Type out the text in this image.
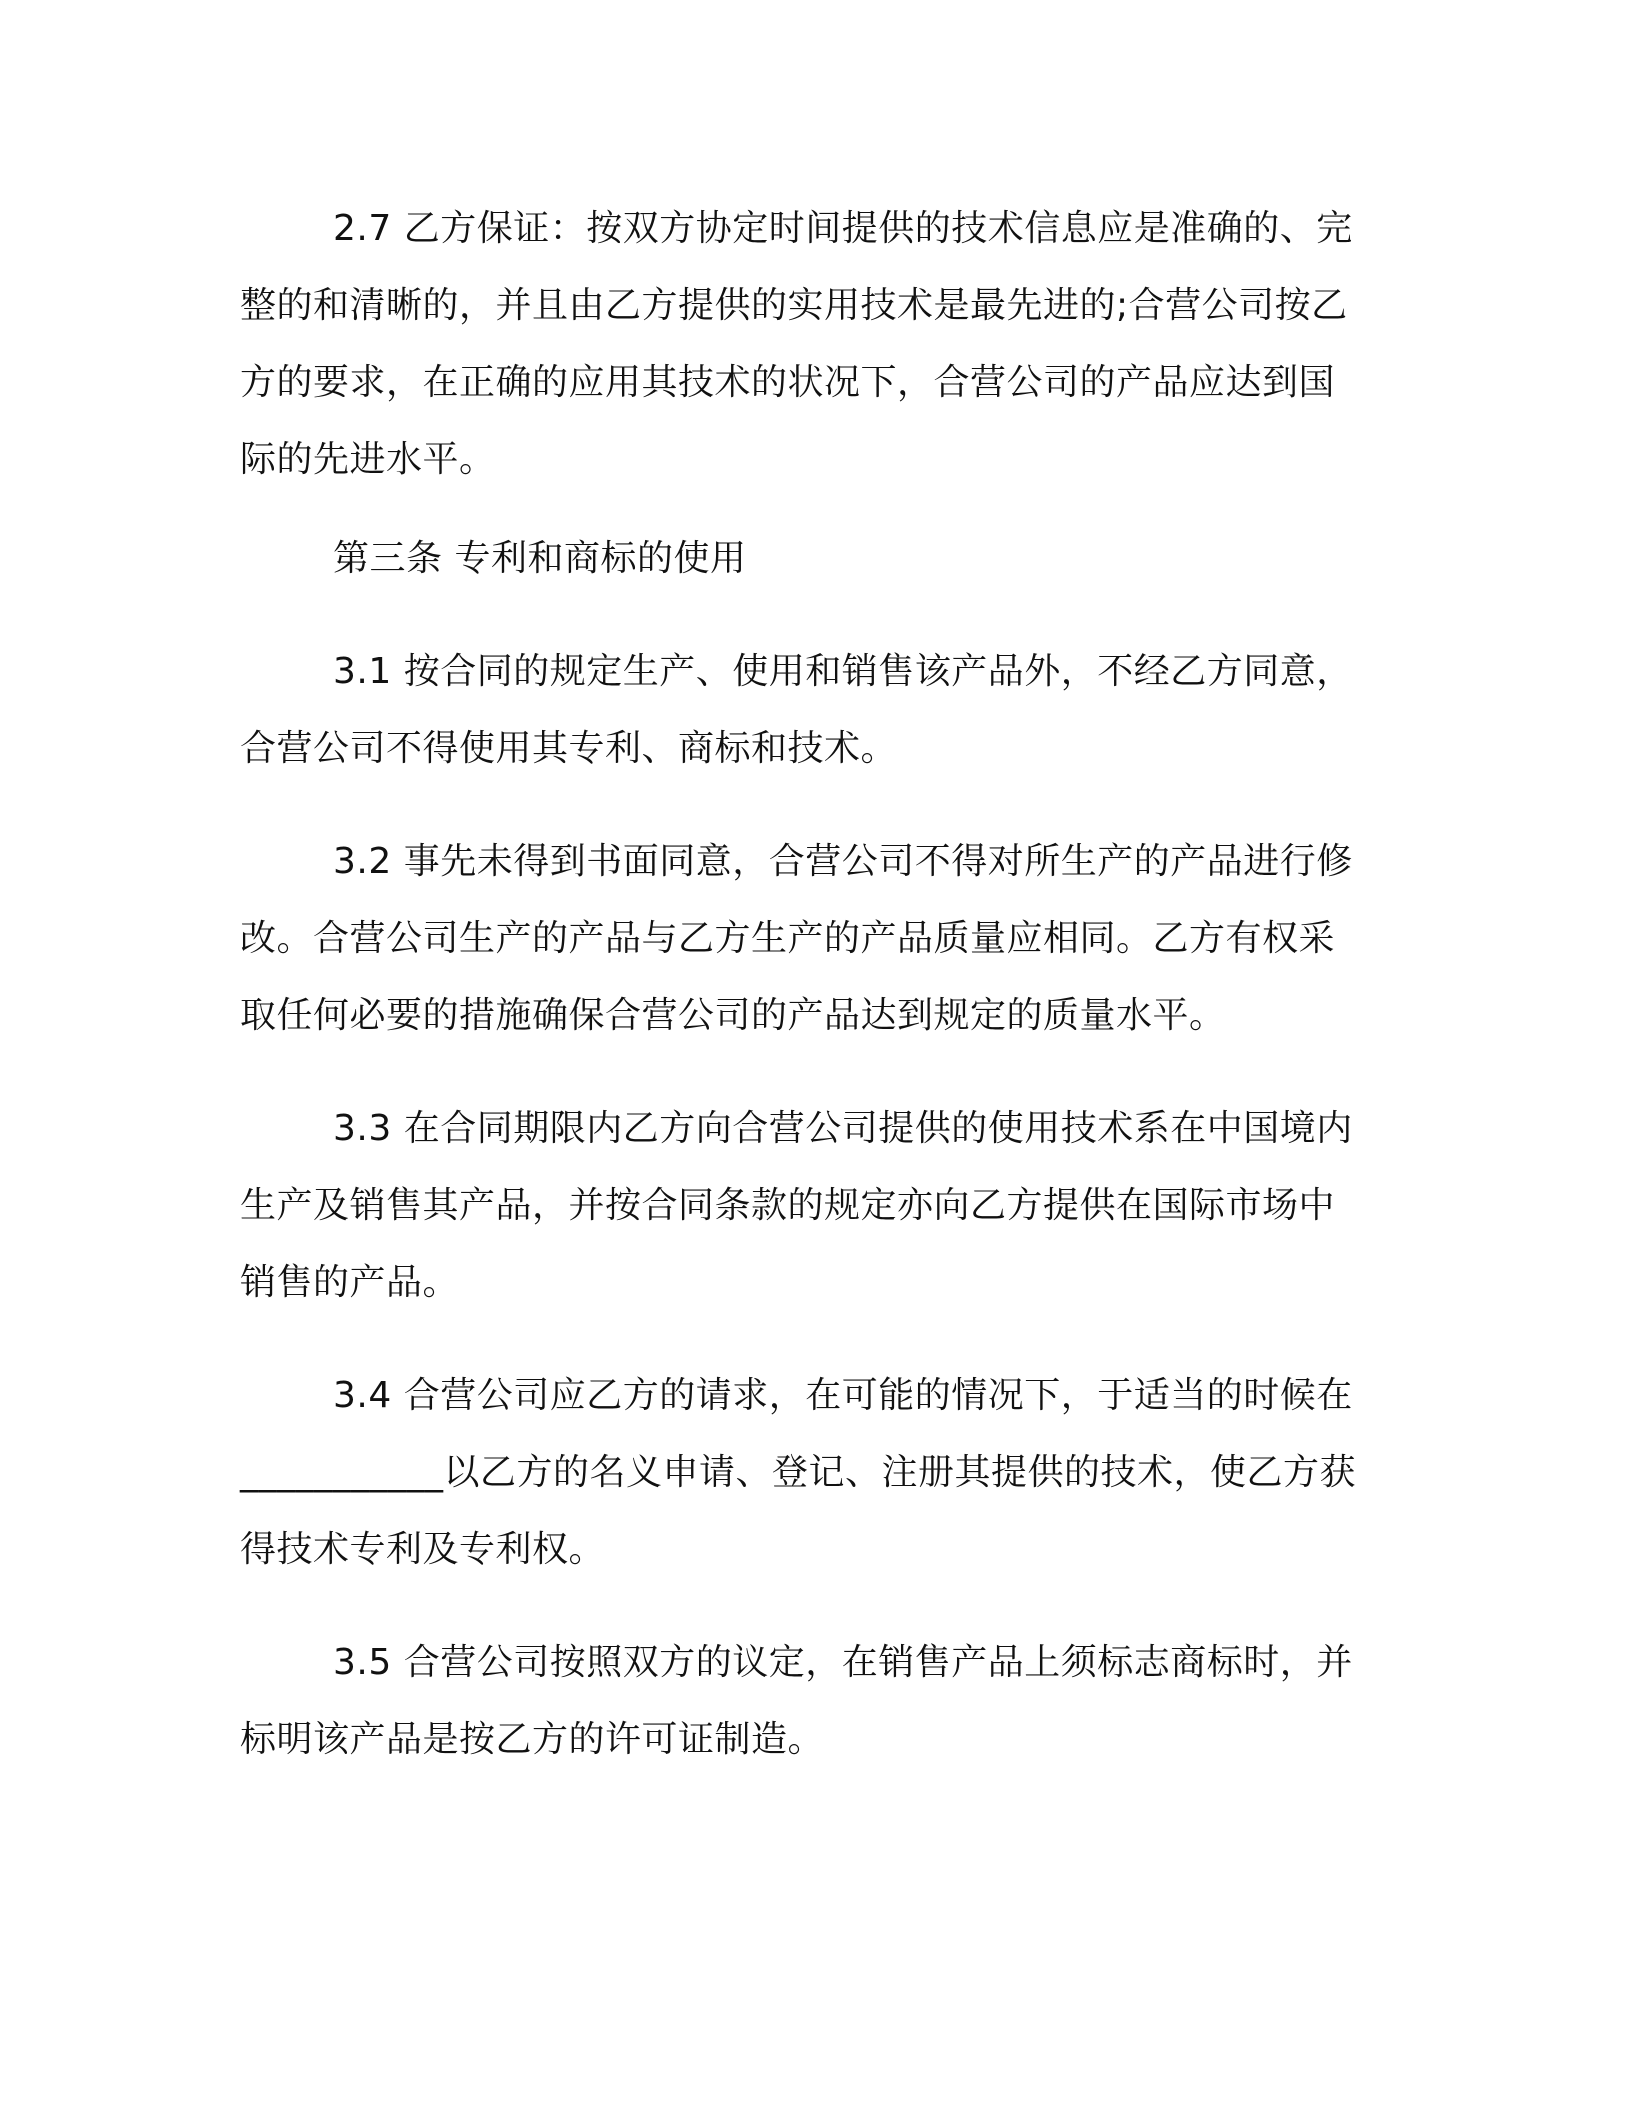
2.7 乙方保证：按双方协定时间提供的技术信息应是准确的、完
整的和清晰的，并且由乙方提供的实用技术是最先进的;合营公司按乙
方的要求，在正确的应用其技术的状况下，合营公司的产品应达到国
际的先进水平。

第三条 专利和商标的使用

3.1 按合同的规定生产、使用和销售该产品外，不经乙方同意，
合营公司不得使用其专利、商标和技术。

3.2 事先未得到书面同意，合营公司不得对所生产的产品进行修
改。合营公司生产的产品与乙方生产的产品质量应相同。乙方有权采
取任何必要的措施确保合营公司的产品达到规定的质量水平。

3.3 在合同期限内乙方向合营公司提供的使用技术系在中国境内
生产及销售其产品，并按合同条款的规定亦向乙方提供在国际市场中
销售的产品。

3.4 合营公司应乙方的请求，在可能的情况下，于适当的时候在
___________以乙方的名义申请、登记、注册其提供的技术，使乙方获
得技术专利及专利权。

3.5 合营公司按照双方的议定，在销售产品上须标志商标时，并
标明该产品是按乙方的许可证制造。
